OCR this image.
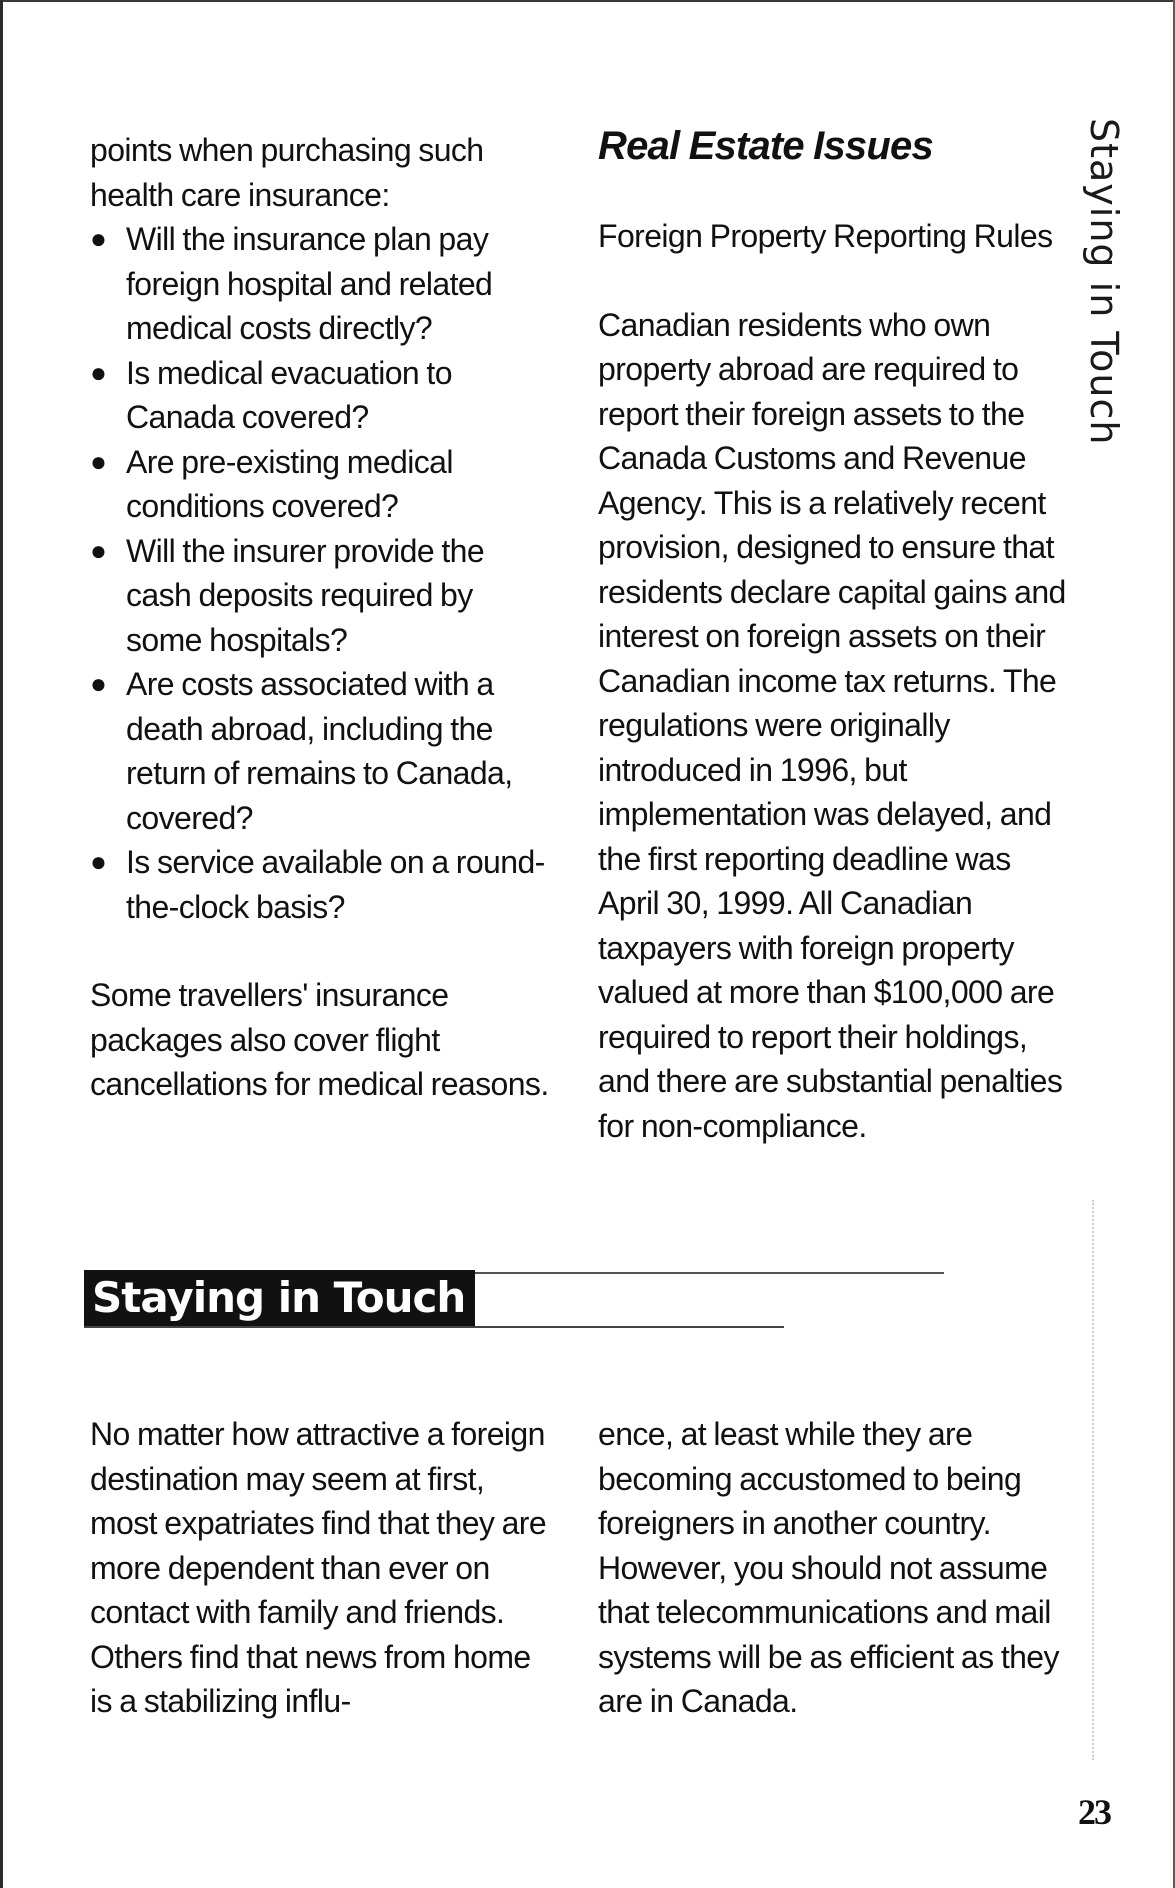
points when purchasing such health care insurance:

● Will the insurance plan pay foreign hospital and related medical costs directly?
● Is medical evacuation to Canada covered?
● Are pre-existing medical conditions covered?
● Will the insurer provide the cash deposits required by some hospitals?
● Are costs associated with a death abroad, including the return of remains to Canada, covered?
● Is service available on a round-the-clock basis?

Some travellers' insurance packages also cover flight cancellations for medical reasons.

Real Estate Issues
Foreign Property Reporting Rules

Canadian residents who own property abroad are required to report their foreign assets to the Canada Customs and Revenue Agency. This is a relatively recent provision, designed to ensure that residents declare capital gains and interest on foreign assets on their Canadian income tax returns. The regulations were originally introduced in 1996, but implementation was delayed, and the first reporting deadline was April 30, 1999. All Canadian taxpayers with foreign property valued at more than $100,000 are required to report their holdings, and there are substantial penalties for non-compliance.

Staying in Touch

No matter how attractive a foreign destination may seem at first, most expatriates find that they are more dependent than ever on contact with family and friends. Others find that news from home is a stabilizing influ-

ence, at least while they are becoming accustomed to being foreigners in another country. However, you should not assume that telecommunications and mail systems will be as efficient as they are in Canada.

Staying in Touch
23
